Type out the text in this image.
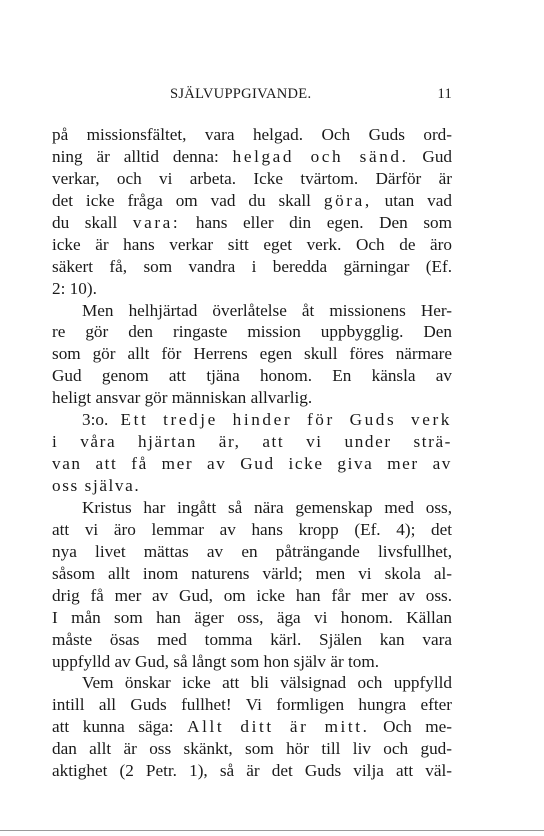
SJÄLVUPPGIVANDE.	11
på missionsfältet, vara helgad. Och Guds ord-
ning är alltid denna: helgad och sänd. Gud
verkar, och vi arbeta. Icke tvärtom. Därför är
det icke fråga om vad du skall göra, utan vad
du skall vara: hans eller din egen. Den som
icke är hans verkar sitt eget verk. Och de äro
säkert få, som vandra i beredda gärningar (Ef.
2: 10).
Men helhjärtad överlåtelse åt missionens Her-
re gör den ringaste mission uppbygglig. Den
som gör allt för Herrens egen skull föres närmare
Gud genom att tjäna honom. En känsla av
heligt ansvar gör människan allvarlig.
3:o. Ett tredje hinder för Guds verk
i våra hjärtan är, att vi under strä-
van att få mer av Gud icke giva mer av
oss själva.
Kristus har ingått så nära gemenskap med oss,
att vi äro lemmar av hans kropp (Ef. 4); det
nya livet mättas av en påträngande livsfullhet,
såsom allt inom naturens värld; men vi skola al-
drig få mer av Gud, om icke han får mer av oss.
I mån som han äger oss, äga vi honom. Källan
måste ösas med tomma kärl. Själen kan vara
uppfylld av Gud, så långt som hon själv är tom.
Vem önskar icke att bli välsignad och uppfylld
intill all Guds fullhet! Vi formligen hungra efter
att kunna säga: Allt ditt är mitt. Och me-
dan allt är oss skänkt, som hör till liv och gud-
aktighet (2 Petr. 1), så är det Guds vilja att väl-
